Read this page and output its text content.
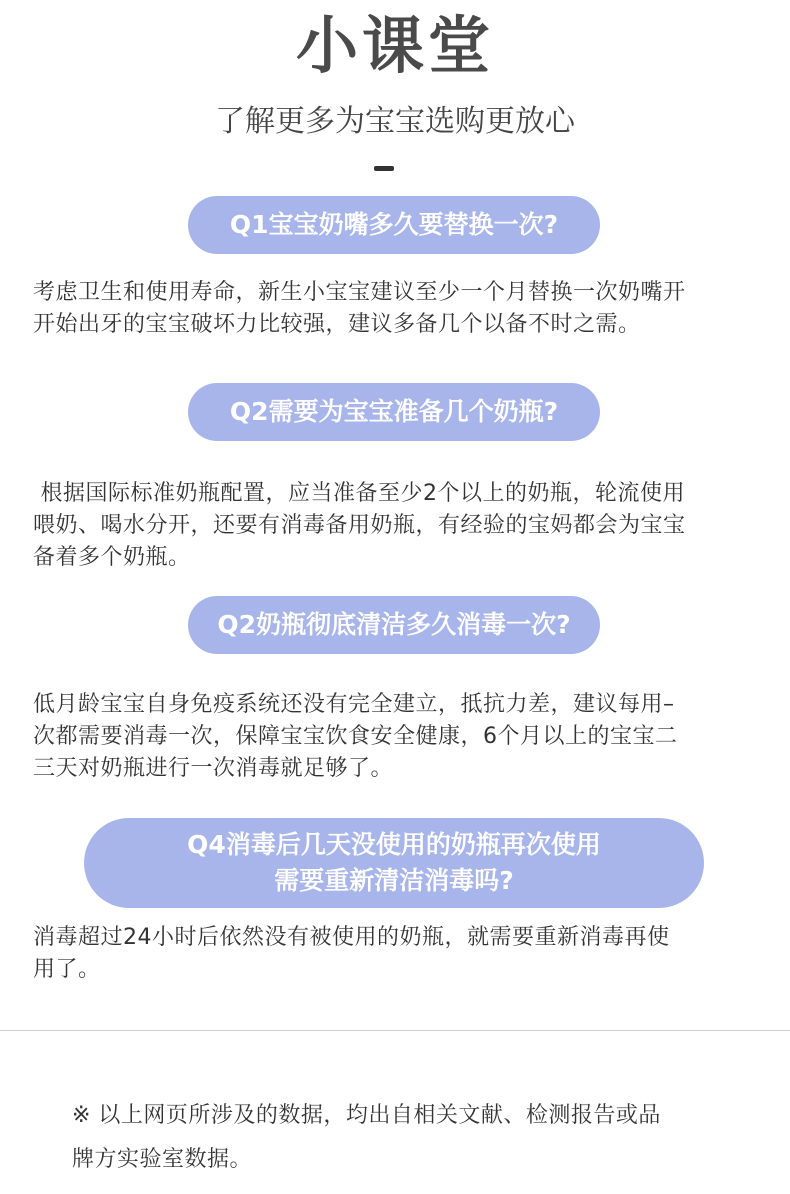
小课堂
了解更多为宝宝选购更放心
Q1宝宝奶嘴多久要替换一次?
考虑卫生和使用寿命，新生小宝宝建议至少一个月替换一次奶嘴开
开始出牙的宝宝破坏力比较强，建议多备几个以备不时之需。
Q2需要为宝宝准备几个奶瓶?
根据国际标准奶瓶配置，应当准备至少2个以上的奶瓶，轮流使用
喂奶、喝水分开，还要有消毒备用奶瓶，有经验的宝妈都会为宝宝
备着多个奶瓶。
Q2奶瓶彻底清洁多久消毒一次?
低月龄宝宝自身免疫系统还没有完全建立，抵抗力差，建议每用–
次都需要消毒一次，保障宝宝饮食安全健康，6个月以上的宝宝二
三天对奶瓶进行一次消毒就足够了。
Q4消毒后几天没使用的奶瓶再次使用
需要重新清洁消毒吗?
消毒超过24小时后依然没有被使用的奶瓶，就需要重新消毒再使
用了。
※ 以上网页所涉及的数据，均出自相关文献、检测报告或品
牌方实验室数据。
